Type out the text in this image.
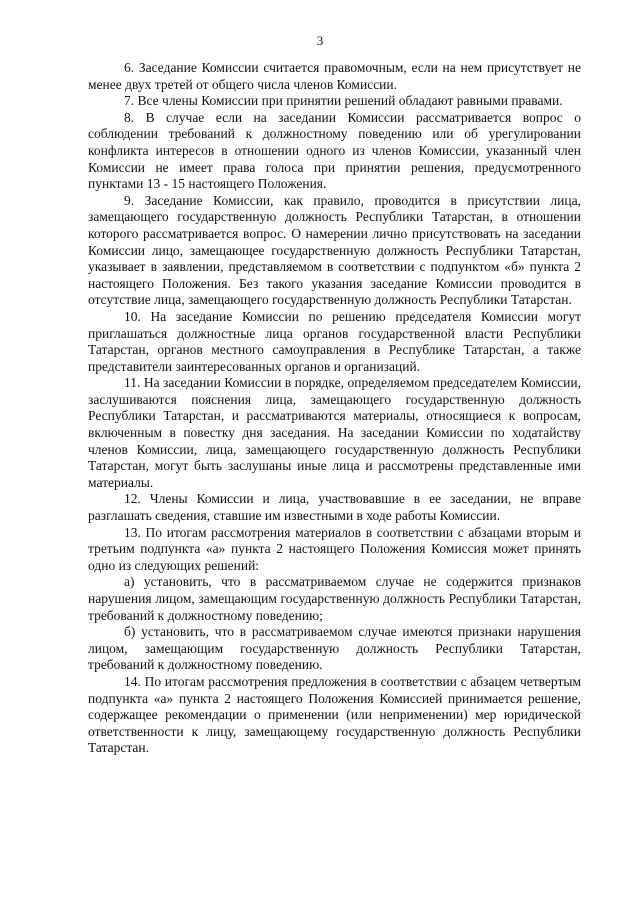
3

6. Заседание Комиссии считается правомочным, если на нем присутствует не менее двух третей от общего числа членов Комиссии.

7. Все члены Комиссии при принятии решений обладают равными правами.

8. В случае если на заседании Комиссии рассматривается вопрос о соблюдении требований к должностному поведению или об урегулировании конфликта интересов в отношении одного из членов Комиссии, указанный член Комиссии не имеет права голоса при принятии решения, предусмотренного пунктами 13 - 15 настоящего Положения.

9. Заседание Комиссии, как правило, проводится в присутствии лица, замещающего государственную должность Республики Татарстан, в отношении которого рассматривается вопрос. О намерении лично присутствовать на заседании Комиссии лицо, замещающее государственную должность Республики Татарстан, указывает в заявлении, представляемом в соответствии с подпунктом «б» пункта 2 настоящего Положения. Без такого указания заседание Комиссии проводится в отсутствие лица, замещающего государственную должность Республики Татарстан.

10. На заседание Комиссии по решению председателя Комиссии могут приглашаться должностные лица органов государственной власти Республики Татарстан, органов местного самоуправления в Республике Татарстан, а также представители заинтересованных органов и организаций.

11. На заседании Комиссии в порядке, определяемом председателем Комиссии, заслушиваются пояснения лица, замещающего государственную должность Республики Татарстан, и рассматриваются материалы, относящиеся к вопросам, включенным в повестку дня заседания. На заседании Комиссии по ходатайству членов Комиссии, лица, замещающего государственную должность Республики Татарстан, могут быть заслушаны иные лица и рассмотрены представленные ими материалы.

12. Члены Комиссии и лица, участвовавшие в ее заседании, не вправе разглашать сведения, ставшие им известными в ходе работы Комиссии.

13. По итогам рассмотрения материалов в соответствии с абзацами вторым и третьим подпункта «а» пункта 2 настоящего Положения Комиссия может принять одно из следующих решений:

а) установить, что в рассматриваемом случае не содержится признаков нарушения лицом, замещающим государственную должность Республики Татарстан, требований к должностному поведению;

б) установить, что в рассматриваемом случае имеются признаки нарушения лицом, замещающим государственную должность Республики Татарстан, требований к должностному поведению.

14. По итогам рассмотрения предложения в соответствии с абзацем четвертым подпункта «а» пункта 2 настоящего Положения Комиссией принимается решение, содержащее рекомендации о применении (или неприменении) мер юридической ответственности к лицу, замещающему государственную должность Республики Татарстан.
